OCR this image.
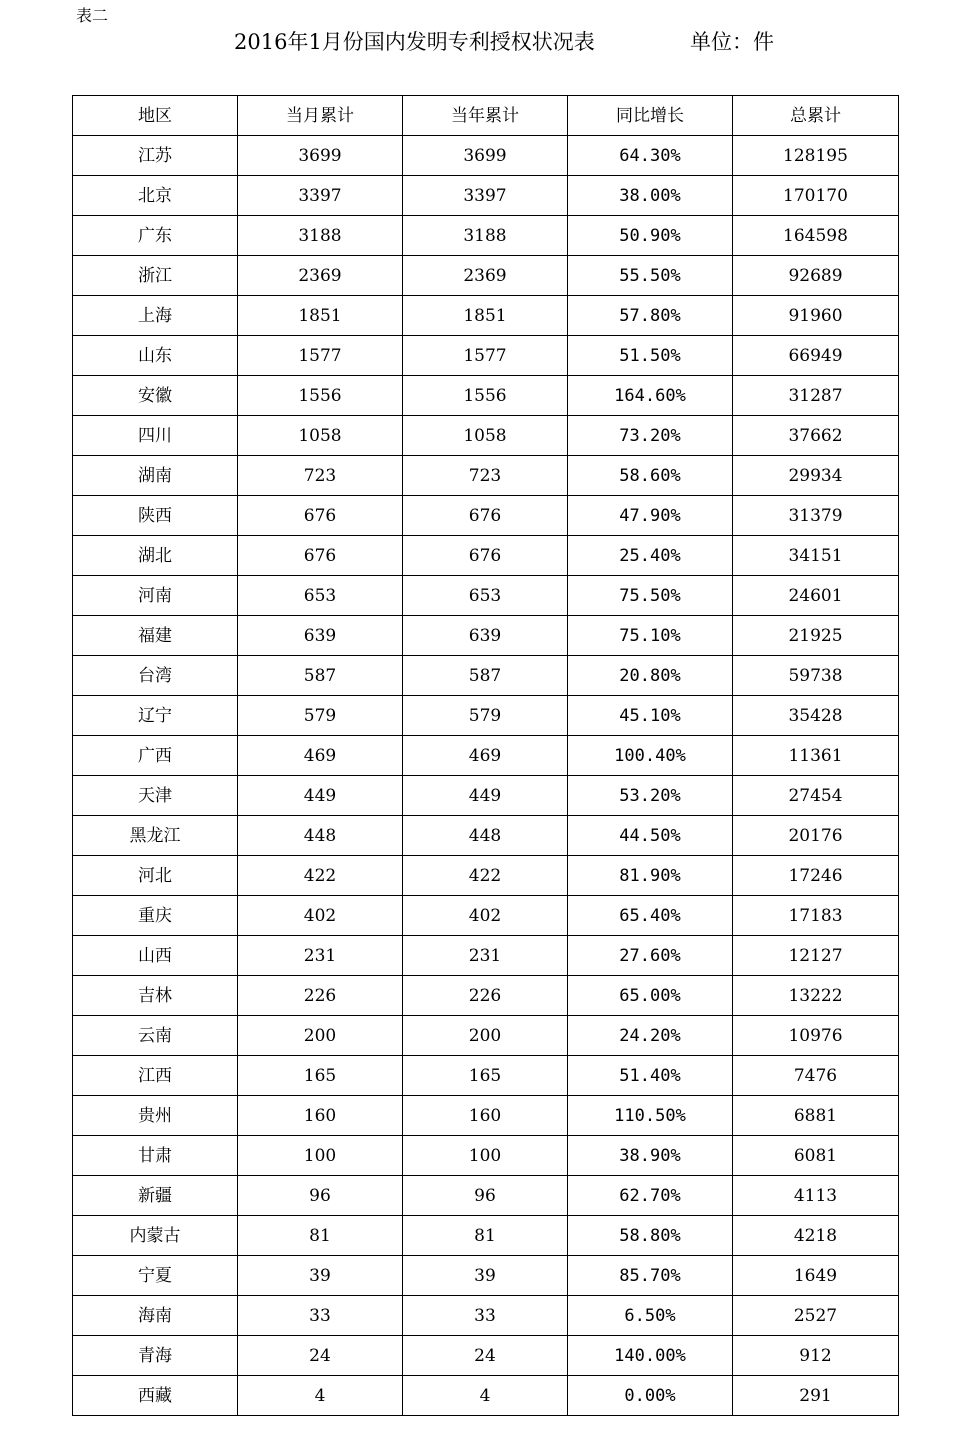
表二
2016年1月份国内发明专利授权状况表	单位：件
地区	当月累计	当年累计	同比增长	总累计
江苏	3699	3699	64.30%	128195
北京	3397	3397	38.00%	170170
广东	3188	3188	50.90%	164598
浙江	2369	2369	55.50%	92689
上海	1851	1851	57.80%	91960
山东	1577	1577	51.50%	66949
安徽	1556	1556	164.60%	31287
四川	1058	1058	73.20%	37662
湖南	723	723	58.60%	29934
陕西	676	676	47.90%	31379
湖北	676	676	25.40%	34151
河南	653	653	75.50%	24601
福建	639	639	75.10%	21925
台湾	587	587	20.80%	59738
辽宁	579	579	45.10%	35428
广西	469	469	100.40%	11361
天津	449	449	53.20%	27454
黑龙江	448	448	44.50%	20176
河北	422	422	81.90%	17246
重庆	402	402	65.40%	17183
山西	231	231	27.60%	12127
吉林	226	226	65.00%	13222
云南	200	200	24.20%	10976
江西	165	165	51.40%	7476
贵州	160	160	110.50%	6881
甘肃	100	100	38.90%	6081
新疆	96	96	62.70%	4113
内蒙古	81	81	58.80%	4218
宁夏	39	39	85.70%	1649
海南	33	33	6.50%	2527
青海	24	24	140.00%	912
西藏	4	4	0.00%	291
